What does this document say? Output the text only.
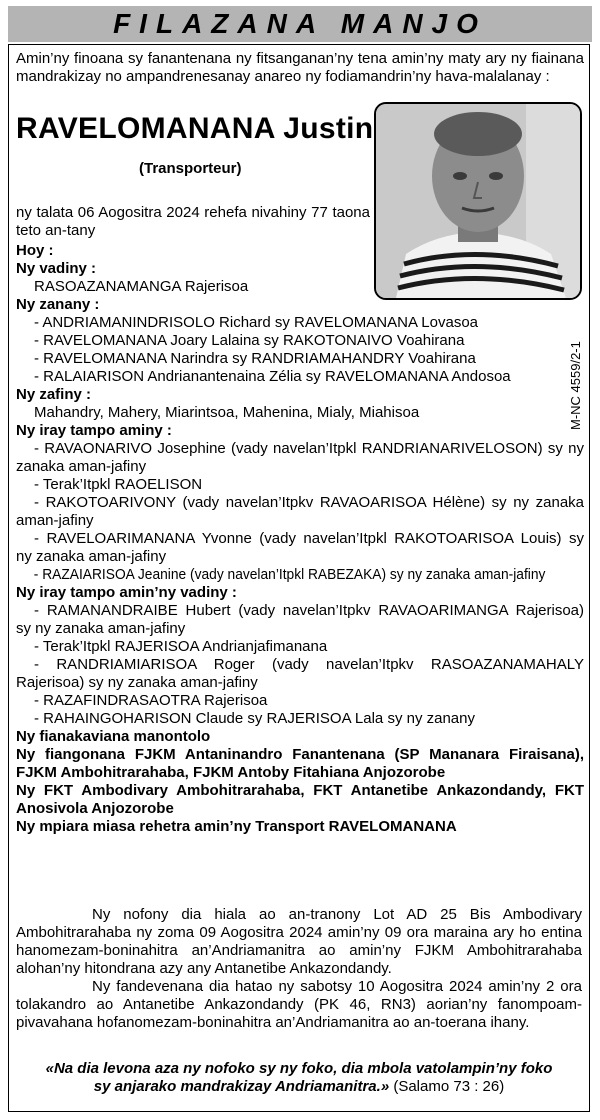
FILAZANA MANJO
Amin’ny finoana sy fanantenana ny fitsanganan’ny tena amin’ny maty ary ny fiainana mandrakizay no ampandrenesanay anareo ny fodiamandrin’ny hava-malalanay :
RAVELOMANANA Justin
(Transporteur)
M-NC 4559/2-1
ny talata 06 Aogositra 2024 rehefa nivahiny 77 taona
teto an-tany
Hoy :
Ny vadiny :
RASOAZANAMANGA Rajerisoa
Ny zanany :
- ANDRIAMANINDRISOLO Richard sy RAVELOMANANA Lovasoa
- RAVELOMANANA Joary Lalaina sy RAKOTONAIVO Voahirana
- RAVELOMANANA Narindra sy RANDRIAMAHANDRY Voahirana
- RALAIARISON Andrianantenaina Zélia sy RAVELOMANANA Andosoa
Ny zafiny :
Mahandry, Mahery, Miarintsoa, Mahenina, Mialy, Miahisoa
Ny iray tampo aminy :
- RAVAONARIVO Josephine (vady navelan’Itpkl RANDRIANARIVELOSON) sy ny
zanaka aman-jafiny
- Terak’Itpkl RAOELISON
- RAKOTOARIVONY (vady navelan’Itpkv RAVAOARISOA Hélène) sy ny zanaka
aman-jafiny
- RAVELOARIMANANA Yvonne (vady navelan’Itpkl RAKOTOARISOA Louis) sy
ny zanaka aman-jafiny
- RAZAIARISOA Jeanine (vady navelan’Itpkl RABEZAKA) sy ny zanaka aman-jafiny
Ny iray tampo amin’ny vadiny :
- RAMANANDRAIBE Hubert (vady navelan’Itpkv RAVAOARIMANGA Rajerisoa)
sy ny zanaka aman-jafiny
- Terak’Itpkl RAJERISOA Andrianjafimanana
- RANDRIAMIARISOA Roger (vady navelan’Itpkv RASOAZANAMAHALY
Rajerisoa) sy ny zanaka aman-jafiny
- RAZAFINDRASAOTRA Rajerisoa
- RAHAINGOHARISON Claude sy RAJERISOA Lala sy ny zanany
Ny fianakaviana manontolo
Ny fiangonana FJKM Antaninandro Fanantenana (SP Mananara Firaisana),
FJKM Ambohitrarahaba, FJKM Antoby Fitahiana Anjozorobe
Ny FKT Ambodivary Ambohitrarahaba, FKT Antanetibe Ankazondandy, FKT
Anosivola Anjozorobe
Ny mpiara miasa rehetra amin’ny Transport RAVELOMANANA

Ny nofony dia hiala ao an-tranony Lot AD 25 Bis Ambodivary Ambohitrarahaba ny zoma 09 Aogositra 2024 amin’ny 09 ora maraina ary ho entina hanomezam-boninahitra an’Andriamanitra ao amin’ny FJKM Ambohitrarahaba alohan’ny hitondrana azy any Antanetibe Ankazondandy.

Ny fandevenana dia hatao ny sabotsy 10 Aogositra 2024 amin’ny 2 ora tolakandro ao Antanetibe Ankazondandy (PK 46, RN3) aorian’ny fanompoam-pivavahana hofanomezam-boninahitra an’Andriamanitra ao an-toerana ihany.

«Na dia levona aza ny nofoko sy ny foko, dia mbola vatolampin’ny foko
sy anjarako mandrakizay Andriamanitra.» (Salamo 73 : 26)
